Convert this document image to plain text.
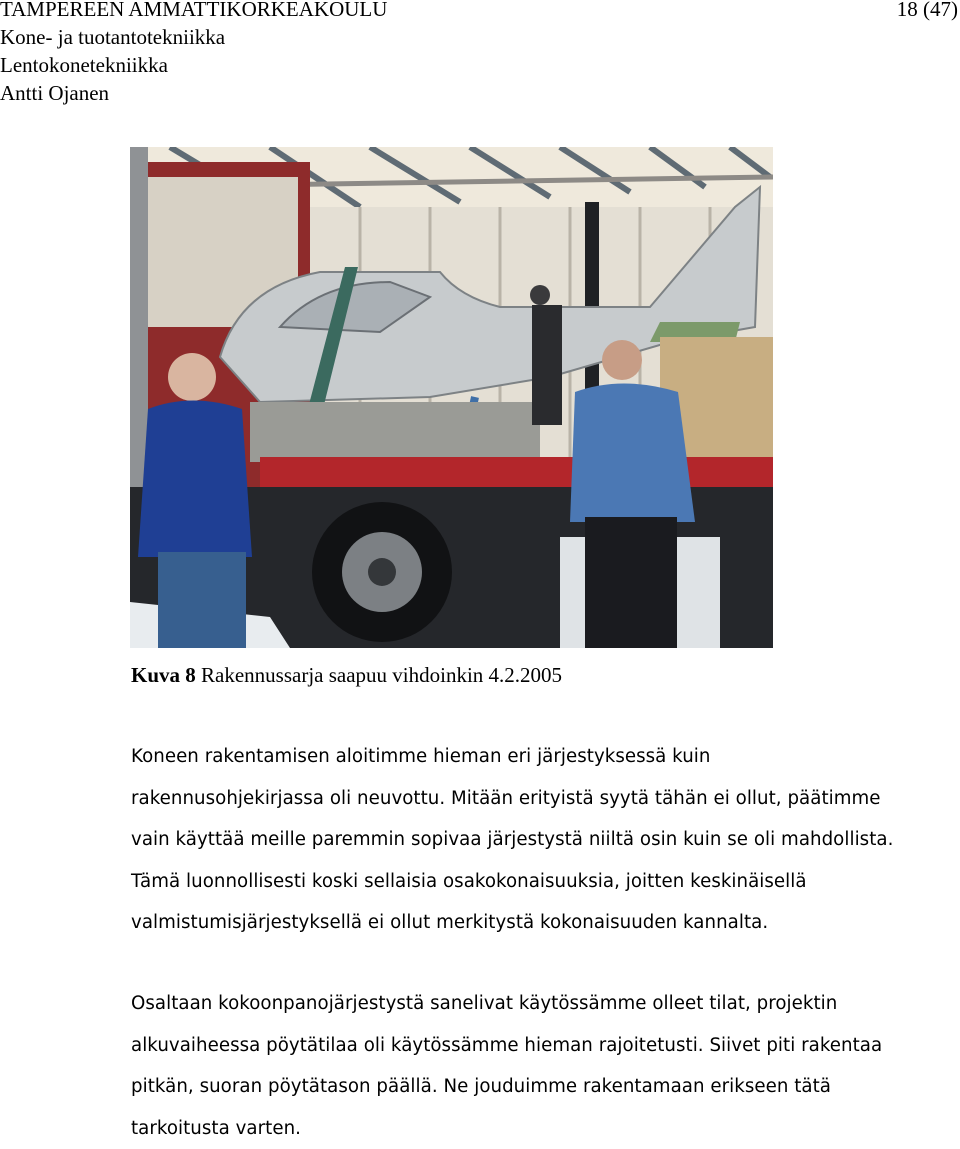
TAMPEREEN AMMATTIKORKEAKOULU
Kone- ja tuotantotekniikka
Lentokonetekniikka
Antti Ojanen
18 (47)
Kuva 8 Rakennussarja saapuu vihdoinkin 4.2.2005
Koneen rakentamisen aloitimme hieman eri järjestyksessä kuin
rakennusohjekirjassa oli neuvottu. Mitään erityistä syytä tähän ei ollut, päätimme
vain käyttää meille paremmin sopivaa järjestystä niiltä osin kuin se oli mahdollista.
Tämä luonnollisesti koski sellaisia osakokonaisuuksia, joitten keskinäisellä
valmistumisjärjestyksellä ei ollut merkitystä kokonaisuuden kannalta.
Osaltaan kokoonpanojärjestystä sanelivat käytössämme olleet tilat, projektin
alkuvaiheessa pöytätilaa oli käytössämme hieman rajoitetusti. Siivet piti rakentaa
pitkän, suoran pöytätason päällä. Ne jouduimme rakentamaan erikseen tätä
tarkoitusta varten.
